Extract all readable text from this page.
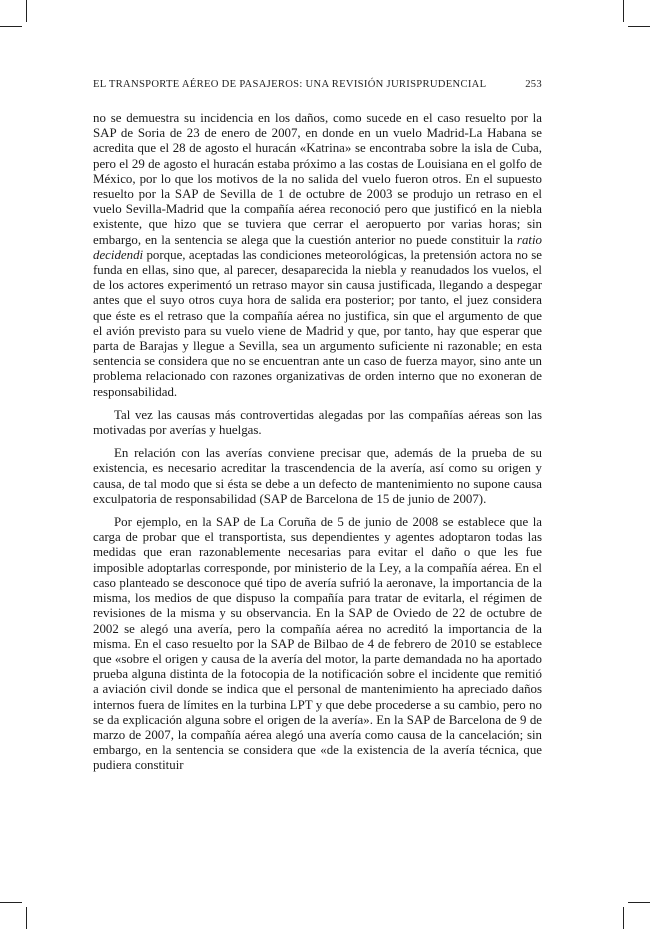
EL TRANSPORTE AÉREO DE PASAJEROS: UNA REVISIÓN JURISPRUDENCIAL	253

no se demuestra su incidencia en los daños, como sucede en el caso resuelto por la SAP de Soria de 23 de enero de 2007, en donde en un vuelo Madrid-La Habana se acredita que el 28 de agosto el huracán «Katrina» se encontraba sobre la isla de Cuba, pero el 29 de agosto el huracán estaba próximo a las costas de Louisiana en el golfo de México, por lo que los motivos de la no salida del vuelo fueron otros. En el supuesto resuelto por la SAP de Sevilla de 1 de octubre de 2003 se produjo un retraso en el vuelo Sevilla-Madrid que la compañía aérea reconoció pero que justificó en la niebla existente, que hizo que se tuviera que cerrar el aeropuerto por varias horas; sin embargo, en la sentencia se alega que la cuestión anterior no puede constituir la ratio decidendi porque, aceptadas las condiciones meteorológicas, la pretensión actora no se funda en ellas, sino que, al parecer, desaparecida la niebla y reanudados los vuelos, el de los actores experimentó un retraso mayor sin causa justificada, llegando a despegar antes que el suyo otros cuya hora de salida era posterior; por tanto, el juez considera que éste es el retraso que la compañía aérea no justifica, sin que el argumento de que el avión previsto para su vuelo viene de Madrid y que, por tanto, hay que esperar que parta de Barajas y llegue a Sevilla, sea un argumento suficiente ni razonable; en esta sentencia se considera que no se encuentran ante un caso de fuerza mayor, sino ante un problema relacionado con razones organizativas de orden interno que no exoneran de responsabilidad.

Tal vez las causas más controvertidas alegadas por las compañías aéreas son las motivadas por averías y huelgas.

En relación con las averías conviene precisar que, además de la prueba de su existencia, es necesario acreditar la trascendencia de la avería, así como su origen y causa, de tal modo que si ésta se debe a un defecto de mantenimiento no supone causa exculpatoria de responsabilidad (SAP de Barcelona de 15 de junio de 2007).

Por ejemplo, en la SAP de La Coruña de 5 de junio de 2008 se establece que la carga de probar que el transportista, sus dependientes y agentes adoptaron todas las medidas que eran razonablemente necesarias para evitar el daño o que les fue imposible adoptarlas corresponde, por ministerio de la Ley, a la compañía aérea. En el caso planteado se desconoce qué tipo de avería sufrió la aeronave, la importancia de la misma, los medios de que dispuso la compañía para tratar de evitarla, el régimen de revisiones de la misma y su observancia. En la SAP de Oviedo de 22 de octubre de 2002 se alegó una avería, pero la compañía aérea no acreditó la importancia de la misma. En el caso resuelto por la SAP de Bilbao de 4 de febrero de 2010 se establece que «sobre el origen y causa de la avería del motor, la parte demandada no ha aportado prueba alguna distinta de la fotocopia de la notificación sobre el incidente que remitió a aviación civil donde se indica que el personal de mantenimiento ha apreciado daños internos fuera de límites en la turbina LPT y que debe procederse a su cambio, pero no se da explicación alguna sobre el origen de la avería». En la SAP de Barcelona de 9 de marzo de 2007, la compañía aérea alegó una avería como causa de la cancelación; sin embargo, en la sentencia se considera que «de la existencia de la avería técnica, que pudiera constituir
